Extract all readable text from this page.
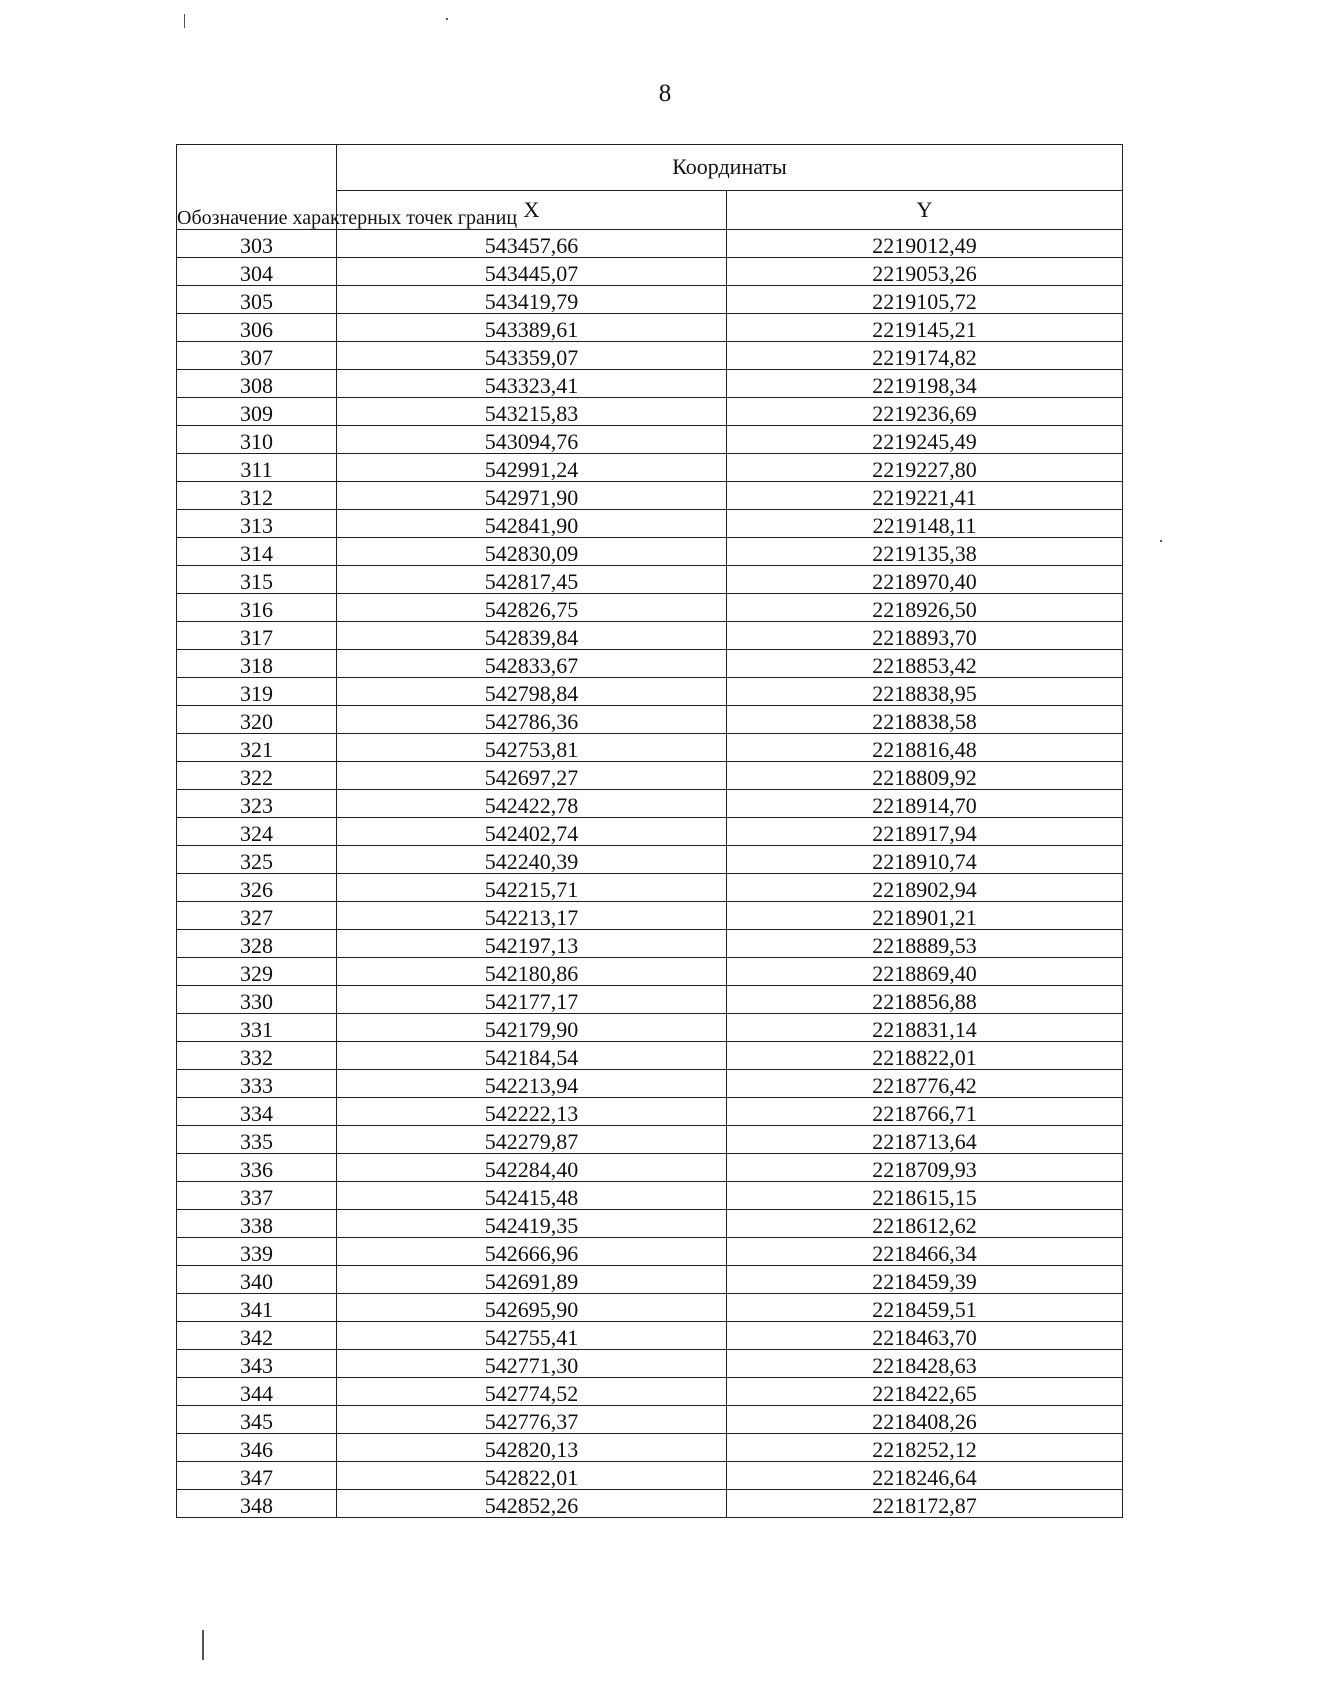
8
Обозначение характерных точек границ	Координаты	
	X	Y
303	543457,66	2219012,49
304	543445,07	2219053,26
305	543419,79	2219105,72
306	543389,61	2219145,21
307	543359,07	2219174,82
308	543323,41	2219198,34
309	543215,83	2219236,69
310	543094,76	2219245,49
311	542991,24	2219227,80
312	542971,90	2219221,41
313	542841,90	2219148,11
314	542830,09	2219135,38
315	542817,45	2218970,40
316	542826,75	2218926,50
317	542839,84	2218893,70
318	542833,67	2218853,42
319	542798,84	2218838,95
320	542786,36	2218838,58
321	542753,81	2218816,48
322	542697,27	2218809,92
323	542422,78	2218914,70
324	542402,74	2218917,94
325	542240,39	2218910,74
326	542215,71	2218902,94
327	542213,17	2218901,21
328	542197,13	2218889,53
329	542180,86	2218869,40
330	542177,17	2218856,88
331	542179,90	2218831,14
332	542184,54	2218822,01
333	542213,94	2218776,42
334	542222,13	2218766,71
335	542279,87	2218713,64
336	542284,40	2218709,93
337	542415,48	2218615,15
338	542419,35	2218612,62
339	542666,96	2218466,34
340	542691,89	2218459,39
341	542695,90	2218459,51
342	542755,41	2218463,70
343	542771,30	2218428,63
344	542774,52	2218422,65
345	542776,37	2218408,26
346	542820,13	2218252,12
347	542822,01	2218246,64
348	542852,26	2218172,87
